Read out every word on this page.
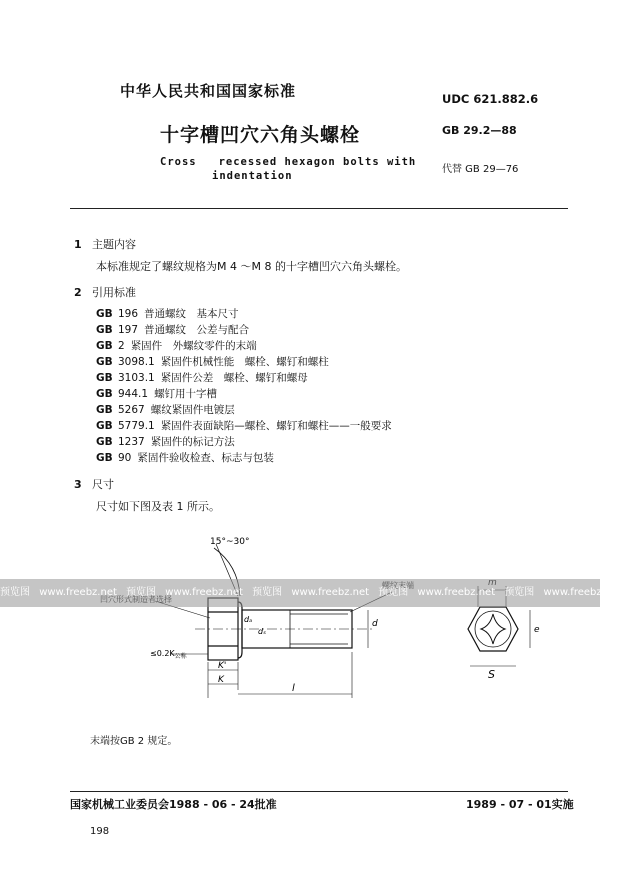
中华人民共和国国家标准
十字槽凹穴六角头螺栓
Cross   recessed hexagon bolts with
indentation
UDC 621.882.6
GB 29.2—88
代替 GB 29—76
1 主题内容
本标准规定了螺纹规格为M 4 ～M 8 的十字槽凹穴六角头螺栓。
2 引用标准
GB 196 普通螺纹　基本尺寸
GB 197 普通螺纹　公差与配合
GB 2 紧固件　外螺纹零件的末端
GB 3098.1 紧固件机械性能　螺栓、螺钉和螺柱
GB 3103.1 紧固件公差　螺栓、螺钉和螺母
GB 944.1 螺钉用十字槽
GB 5267 螺纹紧固件电镀层
GB 5779.1 紧固件表面缺陷—螺栓、螺钉和螺柱——一般要求
GB 1237 紧固件的标记方法
GB 90 紧固件验收检查、标志与包装
3 尺寸
尺寸如下图及表 1 所示。
15°~30°
$\le 0.2K_{公称}$
K'
K
l
d
dₐ
dₛ	e
S
预览图 www.freebz.net 预览图 www.freebz.net 预览图 www.freebz.net 预览图 www.freebz.net 预览图 www.freebz.net
末端按GB 2 规定。
国家机械工业委员会1988 - 06 - 24批准	1989 - 07 - 01实施
198
